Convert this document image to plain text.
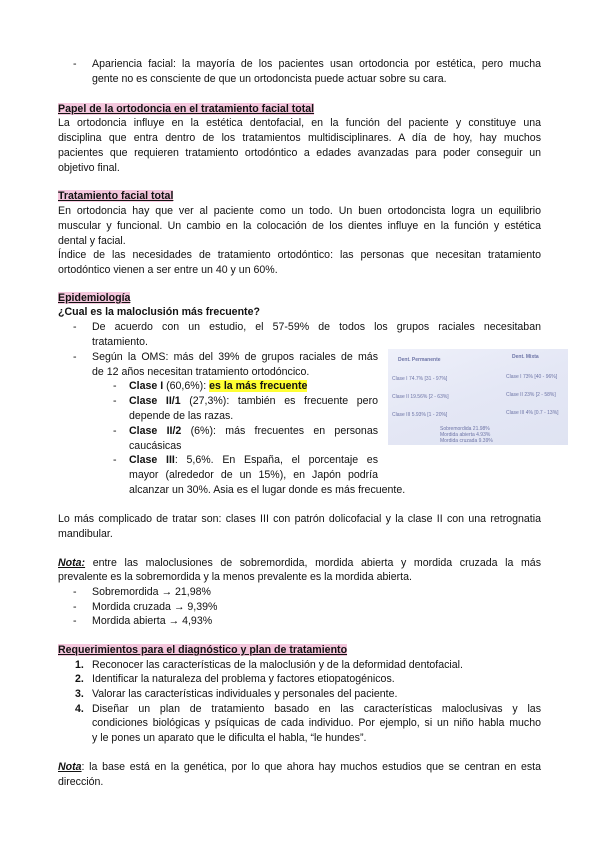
- Apariencia facial: la mayoría de los pacientes usan ortodoncia por estética, pero mucha
gente no es consciente de que un ortodoncista puede actuar sobre su cara.
Papel de la ortodoncia en el tratamiento facial total
La ortodoncia influye en la estética dentofacial, en la función del paciente y constituye una
disciplina que entra dentro de los tratamientos multidisciplinares. A día de hoy, hay muchos
pacientes que requieren tratamiento ortodóntico a edades avanzadas para poder conseguir un
objetivo final.
Tratamiento facial total
En ortodoncia hay que ver al paciente como un todo. Un buen ortodoncista logra un equilibrio
muscular y funcional. Un cambio en la colocación de los dientes influye en la función y estética
dental y facial.
Índice de las necesidades de tratamiento ortodóntico: las personas que necesitan tratamiento
ortodóntico vienen a ser entre un 40 y un 60%.
Epidemiología
¿Cual es la maloclusión más frecuente?
- De acuerdo con un estudio, el 57-59% de todos los grupos raciales necesitaban
tratamiento.
- Según la OMS: más del 39% de grupos raciales de más
de 12 años necesitan tratamiento ortodóncico.
- Clase I (60,6%): es la más frecuente
- Clase II/1 (27,3%): también es frecuente pero
depende de las razas.
- Clase II/2 (6%): más frecuentes en personas
caucásicas
- Clase III: 5,6%. En España, el porcentaje es
mayor (alrededor de un 15%), en Japón podría
alcanzar un 30%. Asia es el lugar donde es más frecuente.
Dent. Permanente	Dent. Mixta
Clase I 74.7% [31 - 97%]
Clase II 19.56% [2 - 63%]
Clase III 5.93% [1 - 20%]
Clase I 73% [40 - 96%]
Clase II 23% [2 - 58%]
Clase III 4% [0.7 - 13%]
Sobremordida 21.98%
Mordida abierta 4.93%
Mordida cruzada 9.39%
Lo más complicado de tratar son: clases III con patrón dolicofacial y la clase II con una retrognatia
mandibular.
Nota: entre las maloclusiones de sobremordida, mordida abierta y mordida cruzada la más
prevalente es la sobremordida y la menos prevalente es la mordida abierta.
- Sobremordida → 21,98%
- Mordida cruzada → 9,39%
- Mordida abierta → 4,93%
Requerimientos para el diagnóstico y plan de tratamiento
1. Reconocer las características de la maloclusión y de la deformidad dentofacial.
2. Identificar la naturaleza del problema y factores etiopatogénicos.
3. Valorar las características individuales y personales del paciente.
4. Diseñar un plan de tratamiento basado en las características maloclusivas y las
condiciones biológicas y psíquicas de cada individuo. Por ejemplo, si un niño habla mucho
y le pones un aparato que le dificulta el habla, “le hundes”.
Nota: la base está en la genética, por lo que ahora hay muchos estudios que se centran en esta
dirección.
